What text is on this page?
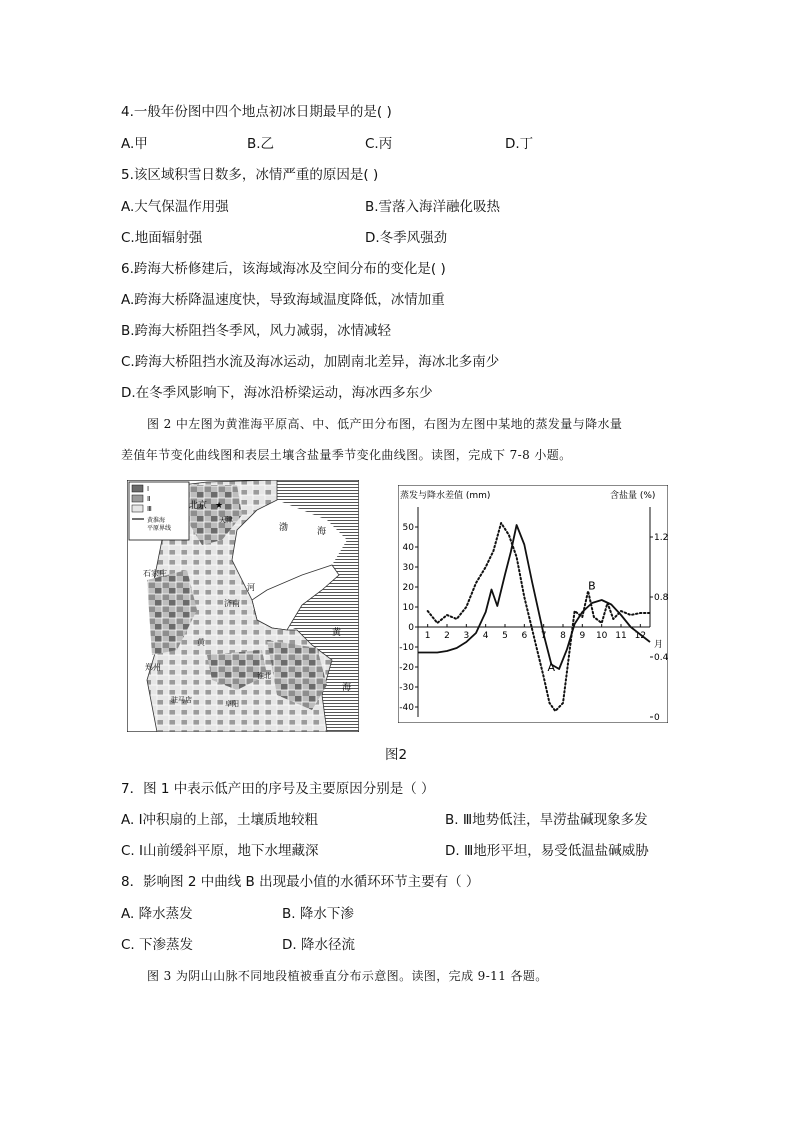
4.一般年份图中四个地点初冰日期最早的是( )
A.甲	B.乙	C.丙	D.丁
5.该区域积雪日数多，冰情严重的原因是( )
A.大气保温作用强	B.雪落入海洋融化吸热
C.地面辐射强	D.冬季风强劲
6.跨海大桥修建后，该海域海冰及空间分布的变化是( )
A.跨海大桥降温速度快，导致海域温度降低，冰情加重
B.跨海大桥阻挡冬季风，风力减弱，冰情减轻
C.跨海大桥阻挡水流及海冰运动，加剧南北差异，海冰北多南少
D.在冬季风影响下，海冰沿桥梁运动，海冰西多东少
图 2 中左图为黄淮海平原高、中、低产田分布图，右图为左图中某地的蒸发量与降水量
差值年节变化曲线图和表层土壤含盐量季节变化曲线图。读图，完成下 7-8 小题。
Ⅰ
Ⅱ
Ⅲ
黄淮海
平原界线
北京 ★
天津
渤	海
石家庄
济南
河
黄
郑州
淮北
黄
海
驻马店	阜阳
蒸发与降水差值 (mm)	含盐量 (%)
月
50
40
30
20
10
0
-10
-20
-30
-40
1.2
0.8
0.4
0
1 2 3 4 5 6 7 8 9 10 11 12
A
B
图2
7．图 1 中表示低产田的序号及主要原因分别是（ ）
A. Ⅰ冲积扇的上部，土壤质地较粗	B. Ⅲ地势低洼，旱涝盐碱现象多发
C. Ⅰ山前缓斜平原，地下水埋藏深	D. Ⅲ地形平坦，易受低温盐碱威胁
8．影响图 2 中曲线 B 出现最小值的水循环环节主要有（ ）
A. 降水蒸发	B. 降水下渗
C. 下渗蒸发	D. 降水径流
图 3 为阴山山脉不同地段植被垂直分布示意图。读图，完成 9-11 各题。
